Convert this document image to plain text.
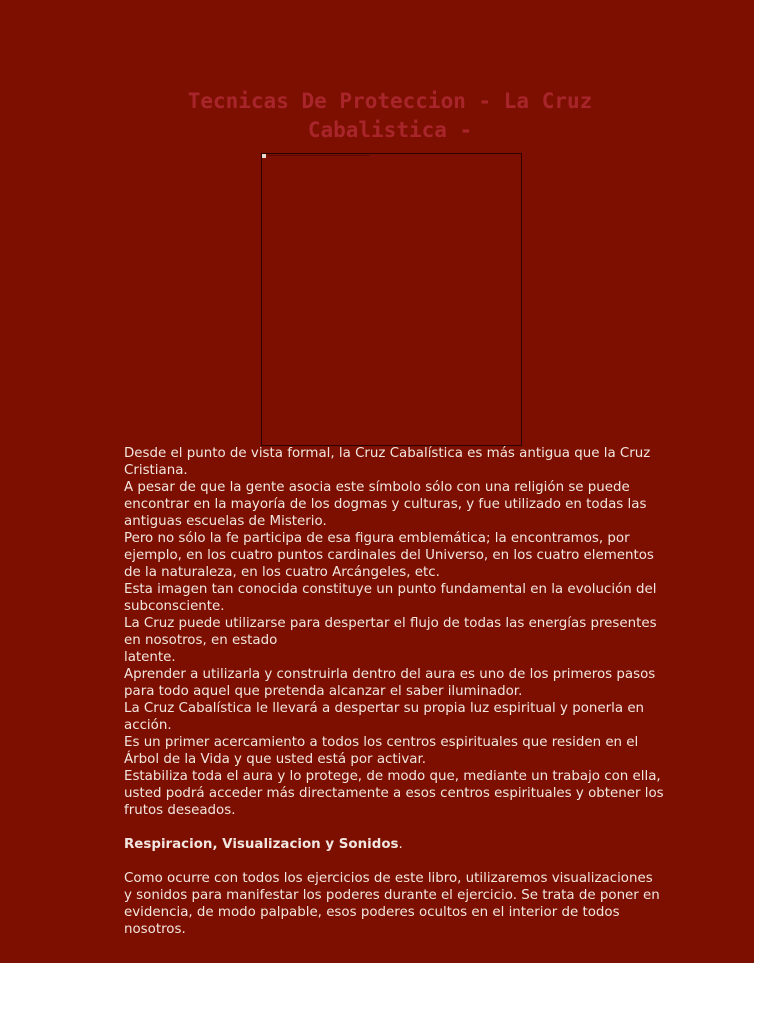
Tecnicas De Proteccion - La Cruz
Cabalistica -

Desde el punto de vista formal, la Cruz Cabalística es más antigua que la Cruz Cristiana.

A pesar de que la gente asocia este símbolo sólo con una religión se puede encontrar en la mayoría de los dogmas y culturas, y fue utilizado en todas las antiguas escuelas de Misterio.

Pero no sólo la fe participa de esa figura emblemática; la encontramos, por ejemplo, en los cuatro puntos cardinales del Universo, en los cuatro elementos de la naturaleza, en los cuatro Arcángeles, etc.

Esta imagen tan conocida constituye un punto fundamental en la evolución del subconsciente.

La Cruz puede utilizarse para despertar el flujo de todas las energías presentes en nosotros, en estado

latente.

Aprender a utilizarla y construirla dentro del aura es uno de los primeros pasos para todo aquel que pretenda alcanzar el saber iluminador.

La Cruz Cabalística le llevará a despertar su propia luz espiritual y ponerla en acción.

Es un primer acercamiento a todos los centros espirituales que residen en el Árbol de la Vida y que usted está por activar.

Estabiliza toda el aura y lo protege, de modo que, mediante un trabajo con ella, usted podrá acceder más directamente a esos centros espirituales y obtener los frutos deseados.

Respiracion, Visualizacion y Sonidos.

Como ocurre con todos los ejercicios de este libro, utilizaremos visualizaciones y sonidos para manifestar los poderes durante el ejercicio. Se trata de poner en evidencia, de modo palpable, esos poderes ocultos en el interior de todos nosotros.
